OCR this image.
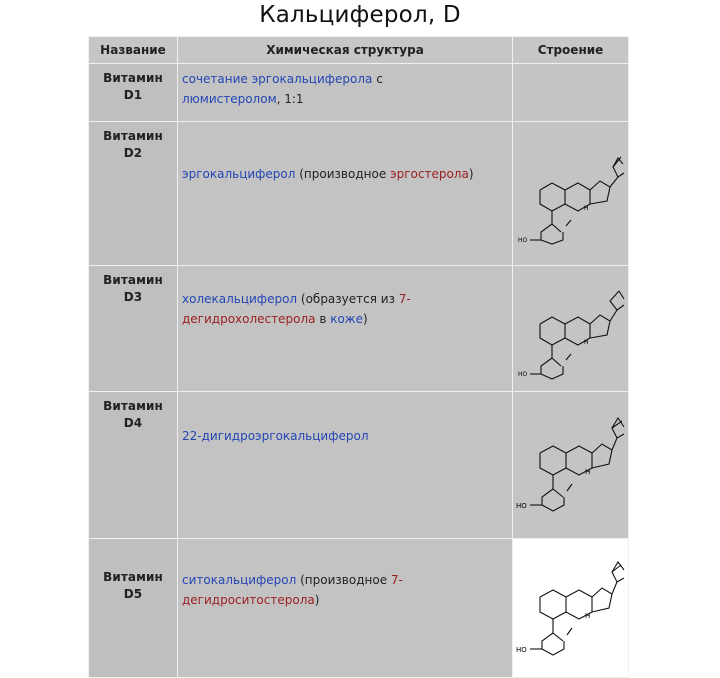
Кальциферол, D
Название	Химическая структура	Строение

Витамин
D1	сочетание эргокальциферола с
люмистеролом, 1:1	

Витамин
D2	эргокальциферол (производное эргостерола)	HO
H

Витамин
D3	холекальциферол (образуется из 7-
дегидрохолестерола в коже)	HO
H

Витамин
D4	22-дигидроэргокальциферол	HO
H

Витамин
D5	ситокальциферол (производное 7-
дегидроситостерола)	HO
H
